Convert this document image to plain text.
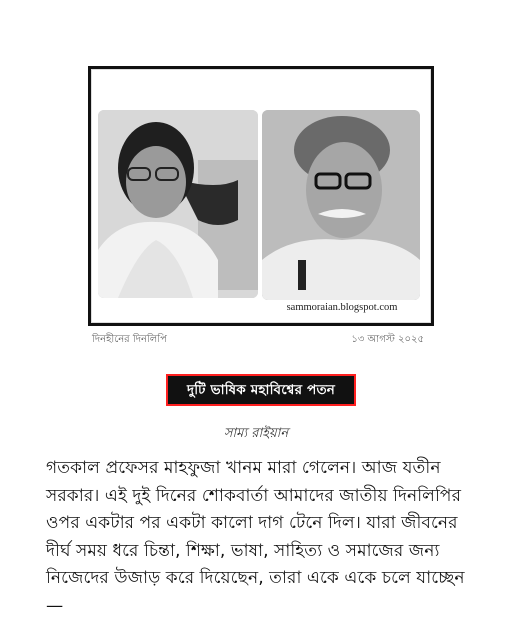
sammoraian.blogspot.com
দিনহীনের দিনলিপি	১৩ আগস্ট ২০২৫
দুটি ভাষিক মহাবিশ্বের পতন
সাম্য রাইয়ান
গতকাল প্রফেসর মাহফুজা খানম মারা গেলেন। আজ যতীন সরকার। এই দুই দিনের শোকবার্তা আমাদের জাতীয় দিনলিপির ওপর একটার পর একটা কালো দাগ টেনে দিল। যারা জীবনের দীর্ঘ সময় ধরে চিন্তা, শিক্ষা, ভাষা, সাহিত্য ও সমাজের জন্য নিজেদের উজাড় করে দিয়েছেন, তারা একে একে চলে যাচ্ছেন—
